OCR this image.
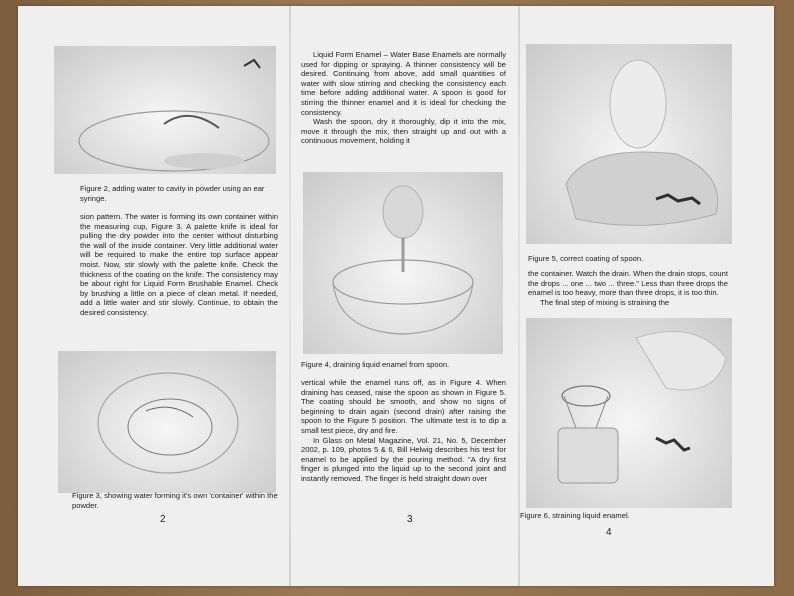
Figure 2, adding water to cavity in powder using an ear syringe.

sion pattern. The water is forming its own container within the measuring cup, Figure 3. A palette knife is ideal for pulling the dry powder into the center without disturbing the wall of the inside container. Very little additional water will be required to make the entire top surface appear moist. Now, stir slowly with the palette knife. Check the thickness of the coating on the knife. The consistency may be about right for Liquid Form Brushable Enamel. Check by brushing a little on a piece of clean metal. If needed, add a little water and stir slowly. Continue, to obtain the desired consistency.

Figure 3, showing water forming it's own 'container' within the powder.

2

Liquid Form Enamel – Water Base Enamels are normally used for dipping or spraying. A thinner consistency will be desired. Continuing from above, add small quantities of water with slow stirring and checking the consistency each time before adding additional water. A spoon is good for stirring the thinner enamel and it is ideal for checking the consistency.

Wash the spoon, dry it thoroughly, dip it into the mix, move it through the mix, then straight up and out with a continuous movement, holding it

Figure 4, draining liquid enamel from spoon.

vertical while the enamel runs off, as in Figure 4. When draining has ceased, raise the spoon as shown in Figure 5. The coating should be smooth, and show no signs of beginning to drain again (second drain) after raising the spoon to the Figure 5 position. The ultimate test is to dip a small test piece, dry and fire.

In Glass on Metal Magazine, Vol. 21, No. 5, December 2002, p. 109, photos 5 & 6, Bill Helwig describes his test for enamel to be applied by the pouring method. "A dry first finger is plunged into the liquid up to the second joint and instantly removed. The finger is held straight down over

3

Figure 5, correct coating of spoon.

the container. Watch the drain. When the drain stops, count the drops ... one ... two ... three." Less than three drops the enamel is too heavy, more than three drops, it is too thin.

The final step of mixing is straining the

Figure 6, straining liquid enamel.

4
